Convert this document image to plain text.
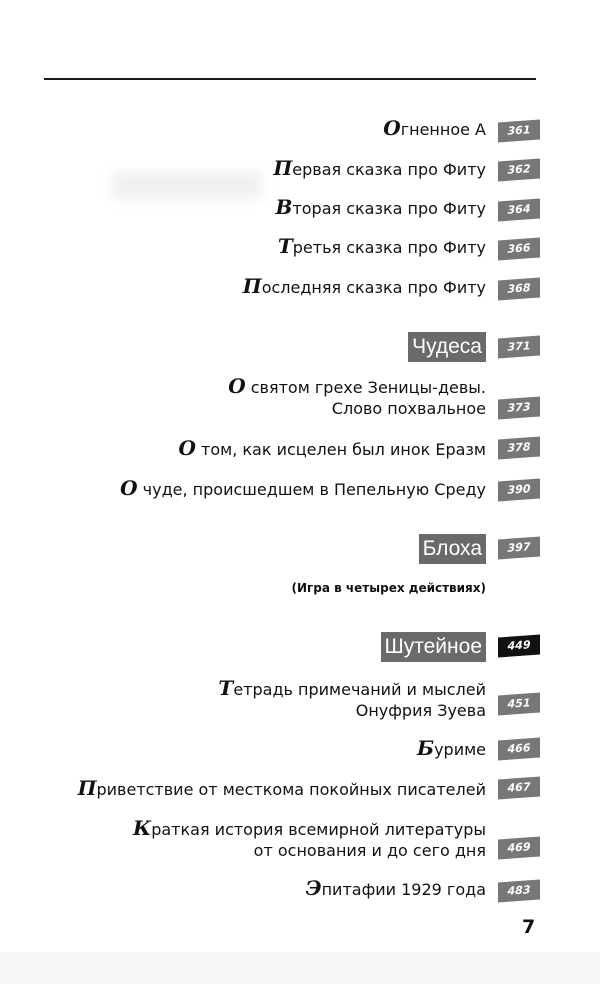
Огненное А	361
Первая сказка про Фиту	362
Вторая сказка про Фиту	364
Третья сказка про Фиту	366
Последняя сказка про Фиту	368
Чудеса	371
О святом грехе Зеницы-девы.
Слово похвальное	373
О том, как исцелен был инок Еразм	378
О чуде, происшедшем в Пепельную Среду	390
Блоха	397
(Игра в четырех действиях)
Шутейное	449
Тетрадь примечаний и мыслей
Онуфрия Зуева	451
Буриме	466
Приветствие от месткома покойных писателей	467
Краткая история всемирной литературы
от основания и до сего дня	469
Эпитафии 1929 года	483
7
